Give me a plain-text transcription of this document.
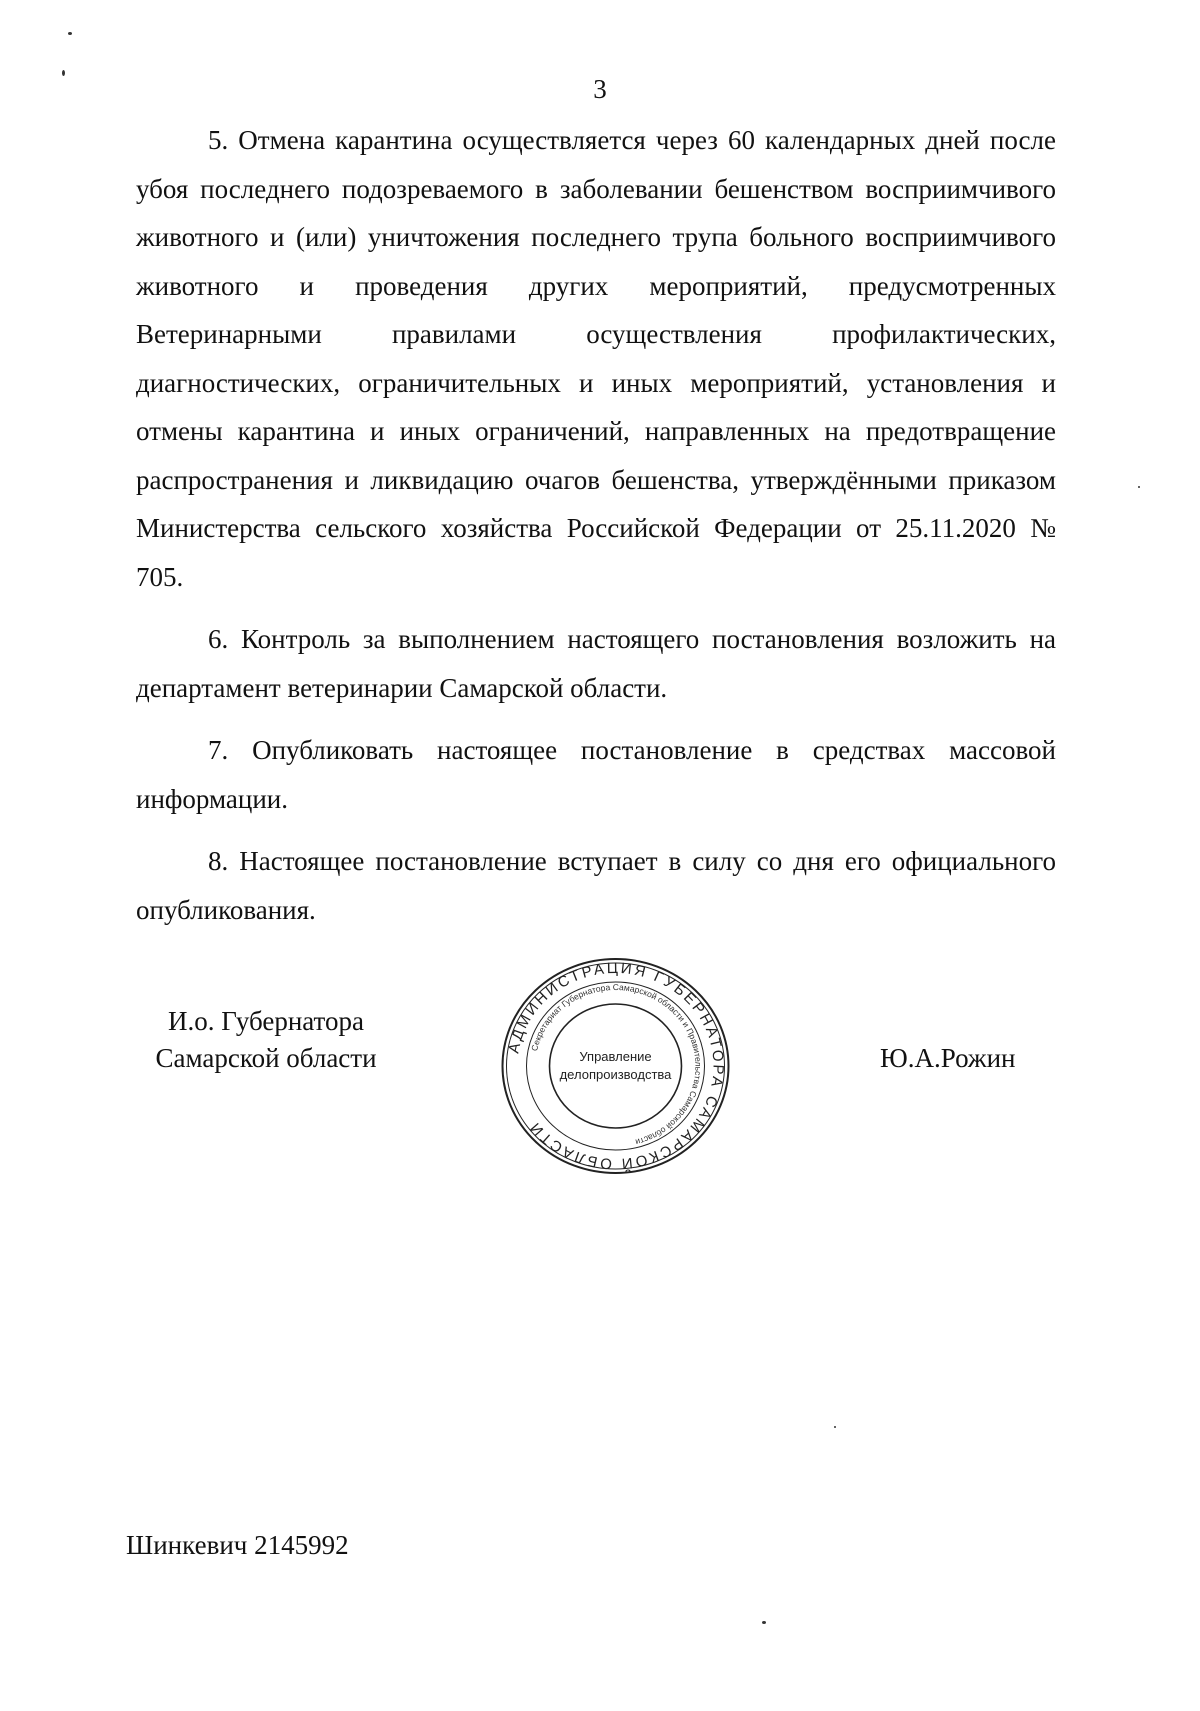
3

5. Отмена карантина осуществляется через 60 календарных дней после убоя последнего подозреваемого в заболевании бешенством восприимчивого животного и (или) уничтожения последнего трупа больного восприимчивого животного и проведения других мероприятий, предусмотренных Ветеринарными правилами осуществления профилактических, диагностических, ограничительных и иных мероприятий, установления и отмены карантина и иных ограничений, направленных на предотвращение распространения и ликвидацию очагов бешенства, утверждёнными приказом Министерства сельского хозяйства Российской Федерации от 25.11.2020 № 705.

6. Контроль за выполнением настоящего постановления возложить на департамент ветеринарии Самарской области.

7. Опубликовать настоящее постановление в средствах массовой информации.

8. Настоящее постановление вступает в силу со дня его официального опубликования.

И.о. Губернатора
Самарской области	АДМИНИСТРАЦИЯ ГУБЕРНАТОРА САМАРСКОЙ ОБЛАСТИ
Секретариат Губернатора Самарской области и Правительства Самарской области
Управление
делопроизводства
Ю.А.Рожин
Шинкевич 2145992
